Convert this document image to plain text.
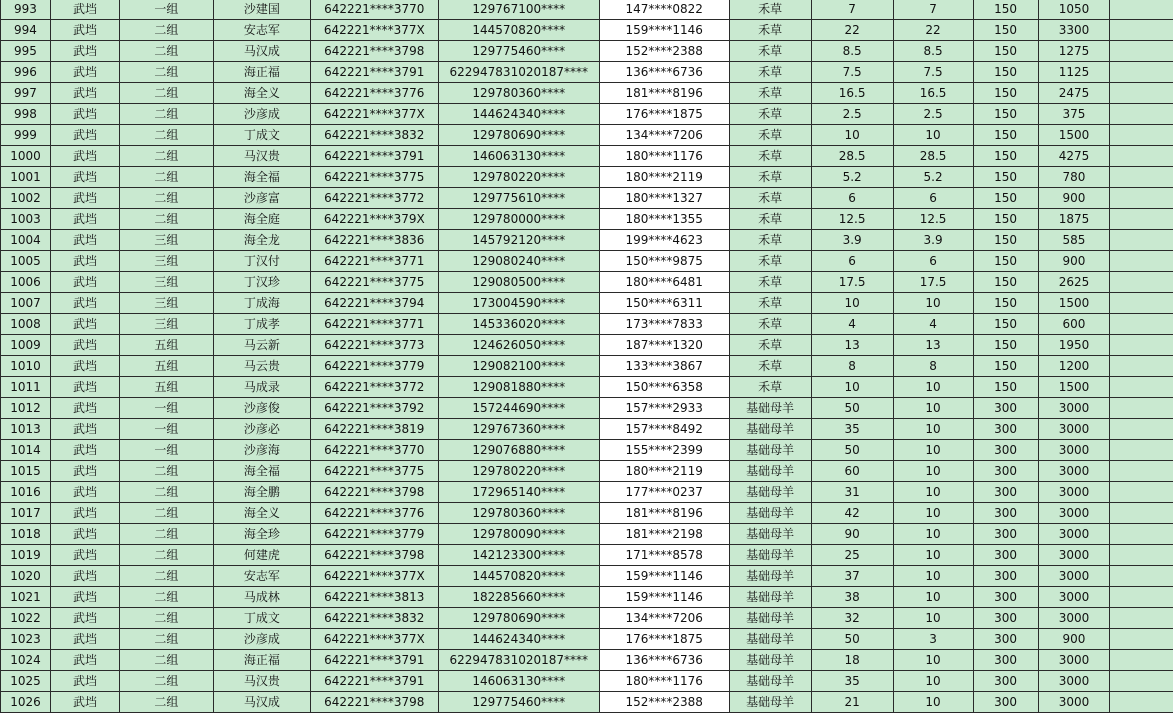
993	武垱	一组	沙建国	642221****3770	129767100****	147****0822	禾草	7	7	150	1050	
994	武垱	二组	安志军	642221****377X	144570820****	159****1146	禾草	22	22	150	3300	
995	武垱	二组	马汉成	642221****3798	129775460****	152****2388	禾草	8.5	8.5	150	1275	
996	武垱	二组	海正福	642221****3791	622947831020187****	136****6736	禾草	7.5	7.5	150	1125	
997	武垱	二组	海全义	642221****3776	129780360****	181****8196	禾草	16.5	16.5	150	2475	
998	武垱	二组	沙彦成	642221****377X	144624340****	176****1875	禾草	2.5	2.5	150	375	
999	武垱	二组	丁成文	642221****3832	129780690****	134****7206	禾草	10	10	150	1500	
1000	武垱	二组	马汉贵	642221****3791	146063130****	180****1176	禾草	28.5	28.5	150	4275	
1001	武垱	二组	海全福	642221****3775	129780220****	180****2119	禾草	5.2	5.2	150	780	
1002	武垱	二组	沙彦富	642221****3772	129775610****	180****1327	禾草	6	6	150	900	
1003	武垱	二组	海全庭	642221****379X	129780000****	180****1355	禾草	12.5	12.5	150	1875	
1004	武垱	三组	海全龙	642221****3836	145792120****	199****4623	禾草	3.9	3.9	150	585	
1005	武垱	三组	丁汉付	642221****3771	129080240****	150****9875	禾草	6	6	150	900	
1006	武垱	三组	丁汉珍	642221****3775	129080500****	180****6481	禾草	17.5	17.5	150	2625	
1007	武垱	三组	丁成海	642221****3794	173004590****	150****6311	禾草	10	10	150	1500	
1008	武垱	三组	丁成孝	642221****3771	145336020****	173****7833	禾草	4	4	150	600	
1009	武垱	五组	马云新	642221****3773	124626050****	187****1320	禾草	13	13	150	1950	
1010	武垱	五组	马云贵	642221****3779	129082100****	133****3867	禾草	8	8	150	1200	
1011	武垱	五组	马成录	642221****3772	129081880****	150****6358	禾草	10	10	150	1500	
1012	武垱	一组	沙彦俊	642221****3792	157244690****	157****2933	基础母羊	50	10	300	3000	
1013	武垱	一组	沙彦必	642221****3819	129767360****	157****8492	基础母羊	35	10	300	3000	
1014	武垱	一组	沙彦海	642221****3770	129076880****	155****2399	基础母羊	50	10	300	3000	
1015	武垱	二组	海全福	642221****3775	129780220****	180****2119	基础母羊	60	10	300	3000	
1016	武垱	二组	海全鹏	642221****3798	172965140****	177****0237	基础母羊	31	10	300	3000	
1017	武垱	二组	海全义	642221****3776	129780360****	181****8196	基础母羊	42	10	300	3000	
1018	武垱	二组	海全珍	642221****3779	129780090****	181****2198	基础母羊	90	10	300	3000	
1019	武垱	二组	何建虎	642221****3798	142123300****	171****8578	基础母羊	25	10	300	3000	
1020	武垱	二组	安志军	642221****377X	144570820****	159****1146	基础母羊	37	10	300	3000	
1021	武垱	二组	马成林	642221****3813	182285660****	159****1146	基础母羊	38	10	300	3000	
1022	武垱	二组	丁成文	642221****3832	129780690****	134****7206	基础母羊	32	10	300	3000	
1023	武垱	二组	沙彦成	642221****377X	144624340****	176****1875	基础母羊	50	3	300	900	
1024	武垱	二组	海正福	642221****3791	622947831020187****	136****6736	基础母羊	18	10	300	3000	
1025	武垱	二组	马汉贵	642221****3791	146063130****	180****1176	基础母羊	35	10	300	3000	
1026	武垱	二组	马汉成	642221****3798	129775460****	152****2388	基础母羊	21	10	300	3000	
